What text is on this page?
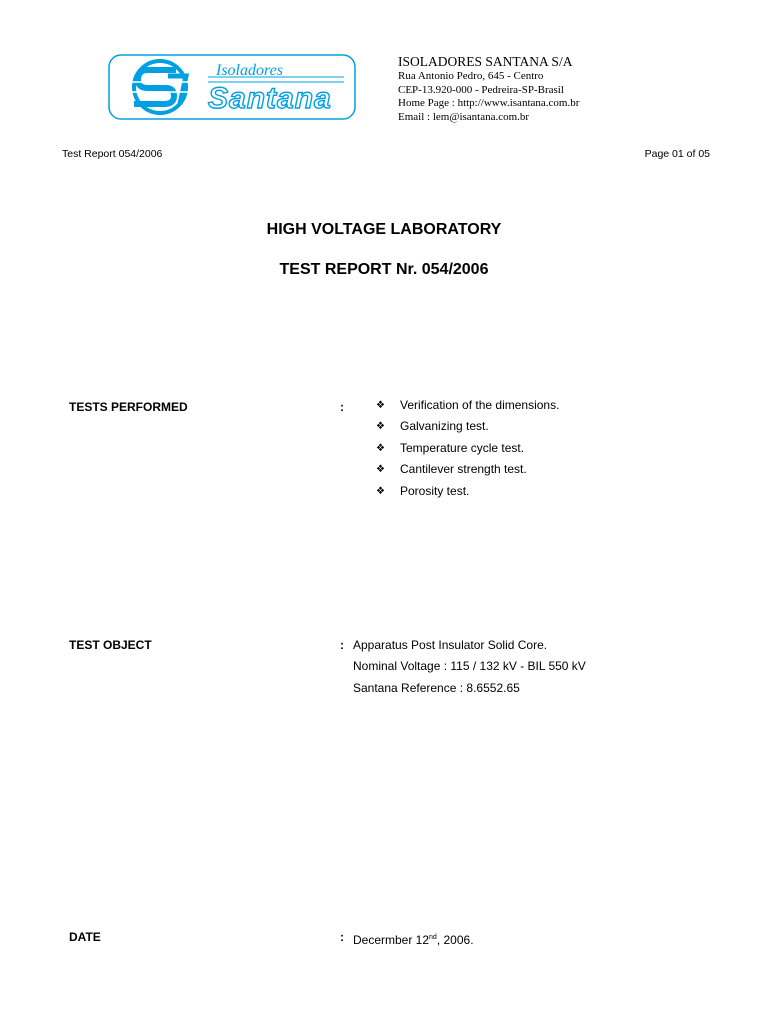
Isoladores
Santana
ISOLADORES SANTANA S/A
Rua Antonio Pedro, 645 - Centro
CEP-13.920-000 - Pedreira-SP-Brasil
Home Page : http://www.isantana.com.br
Email : lem@isantana.com.br
Test Report 054/2006	Page 01 of 05
HIGH VOLTAGE LABORATORY
TEST REPORT Nr. 054/2006
TESTS PERFORMED	:	❖ Verification of the dimensions.
❖ Galvanizing test.
❖ Temperature cycle test.
❖ Cantilever strength test.
❖ Porosity test.
TEST OBJECT	: Apparatus Post Insulator Solid Core.
Nominal Voltage : 115 / 132 kV - BIL 550 kV
Santana Reference : 8.6552.65
DATE	: Decermber 12nd, 2006.
